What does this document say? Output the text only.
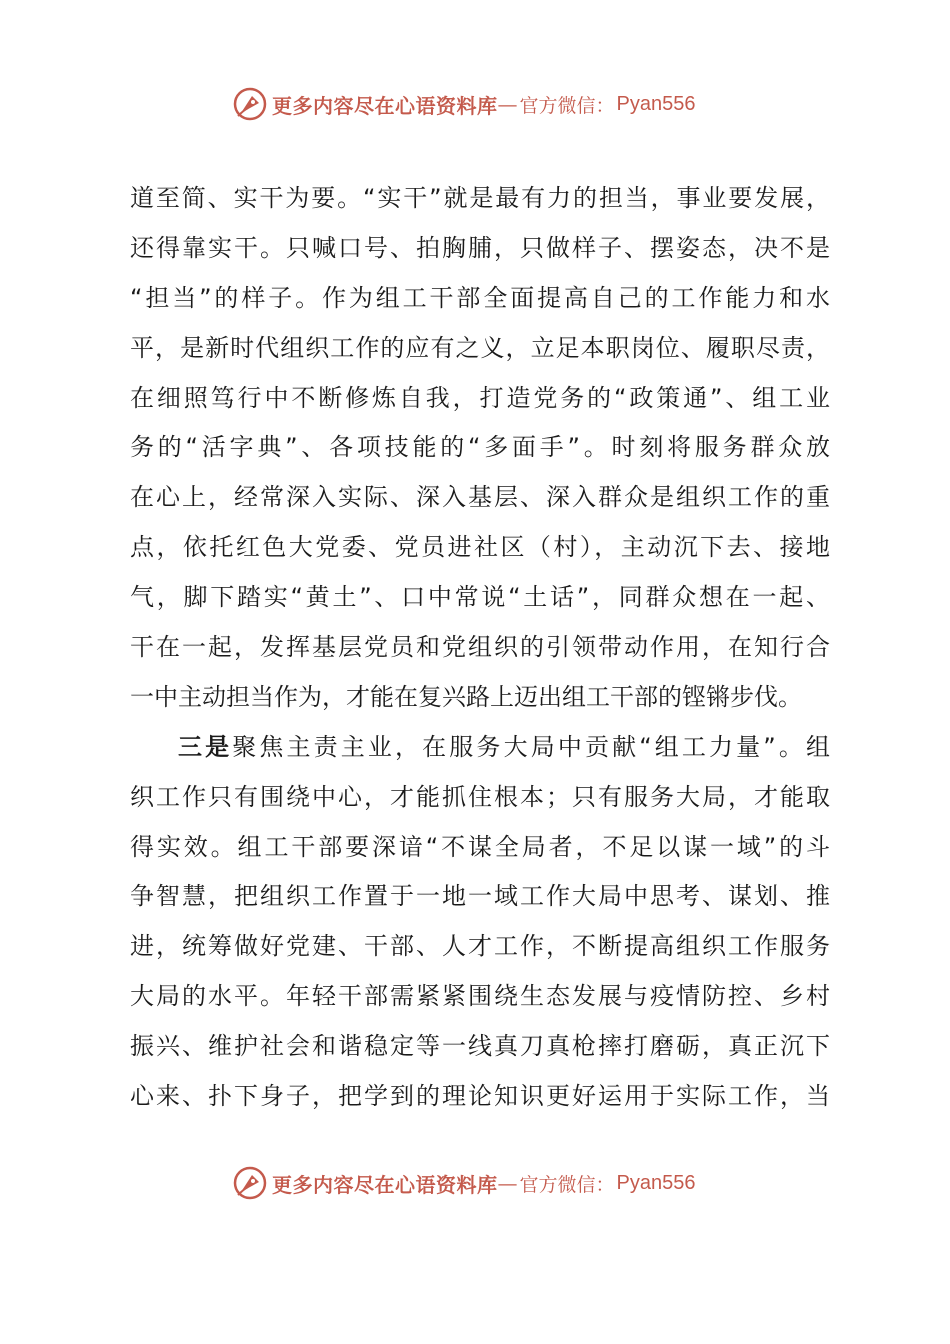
更多内容尽在心语资料库 — 官方微信： Pyan556
道至简、实干为要。“实干”就是最有力的担当，事业要发展，
还得靠实干。只喊口号、拍胸脯，只做样子、摆姿态，决不是
“担当”的样子。作为组工干部全面提高自己的工作能力和水
平，是新时代组织工作的应有之义，立足本职岗位、履职尽责，
在细照笃行中不断修炼自我，打造党务的“政策通”、组工业
务的“活字典”、各项技能的“多面手”。时刻将服务群众放
在心上，经常深入实际、深入基层、深入群众是组织工作的重
点，依托红色大党委、党员进社区（村），主动沉下去、接地
气，脚下踏实“黄土”、口中常说“土话”，同群众想在一起、
干在一起，发挥基层党员和党组织的引领带动作用，在知行合
一中主动担当作为，才能在复兴路上迈出组工干部的铿锵步伐。
三是聚焦主责主业，在服务大局中贡献“组工力量”。组
织工作只有围绕中心，才能抓住根本；只有服务大局，才能取
得实效。组工干部要深谙“不谋全局者，不足以谋一域”的斗
争智慧，把组织工作置于一地一域工作大局中思考、谋划、推
进，统筹做好党建、干部、人才工作，不断提高组织工作服务
大局的水平。年轻干部需紧紧围绕生态发展与疫情防控、乡村
振兴、维护社会和谐稳定等一线真刀真枪摔打磨砺，真正沉下
心来、扑下身子，把学到的理论知识更好运用于实际工作，当
更多内容尽在心语资料库 — 官方微信： Pyan556
